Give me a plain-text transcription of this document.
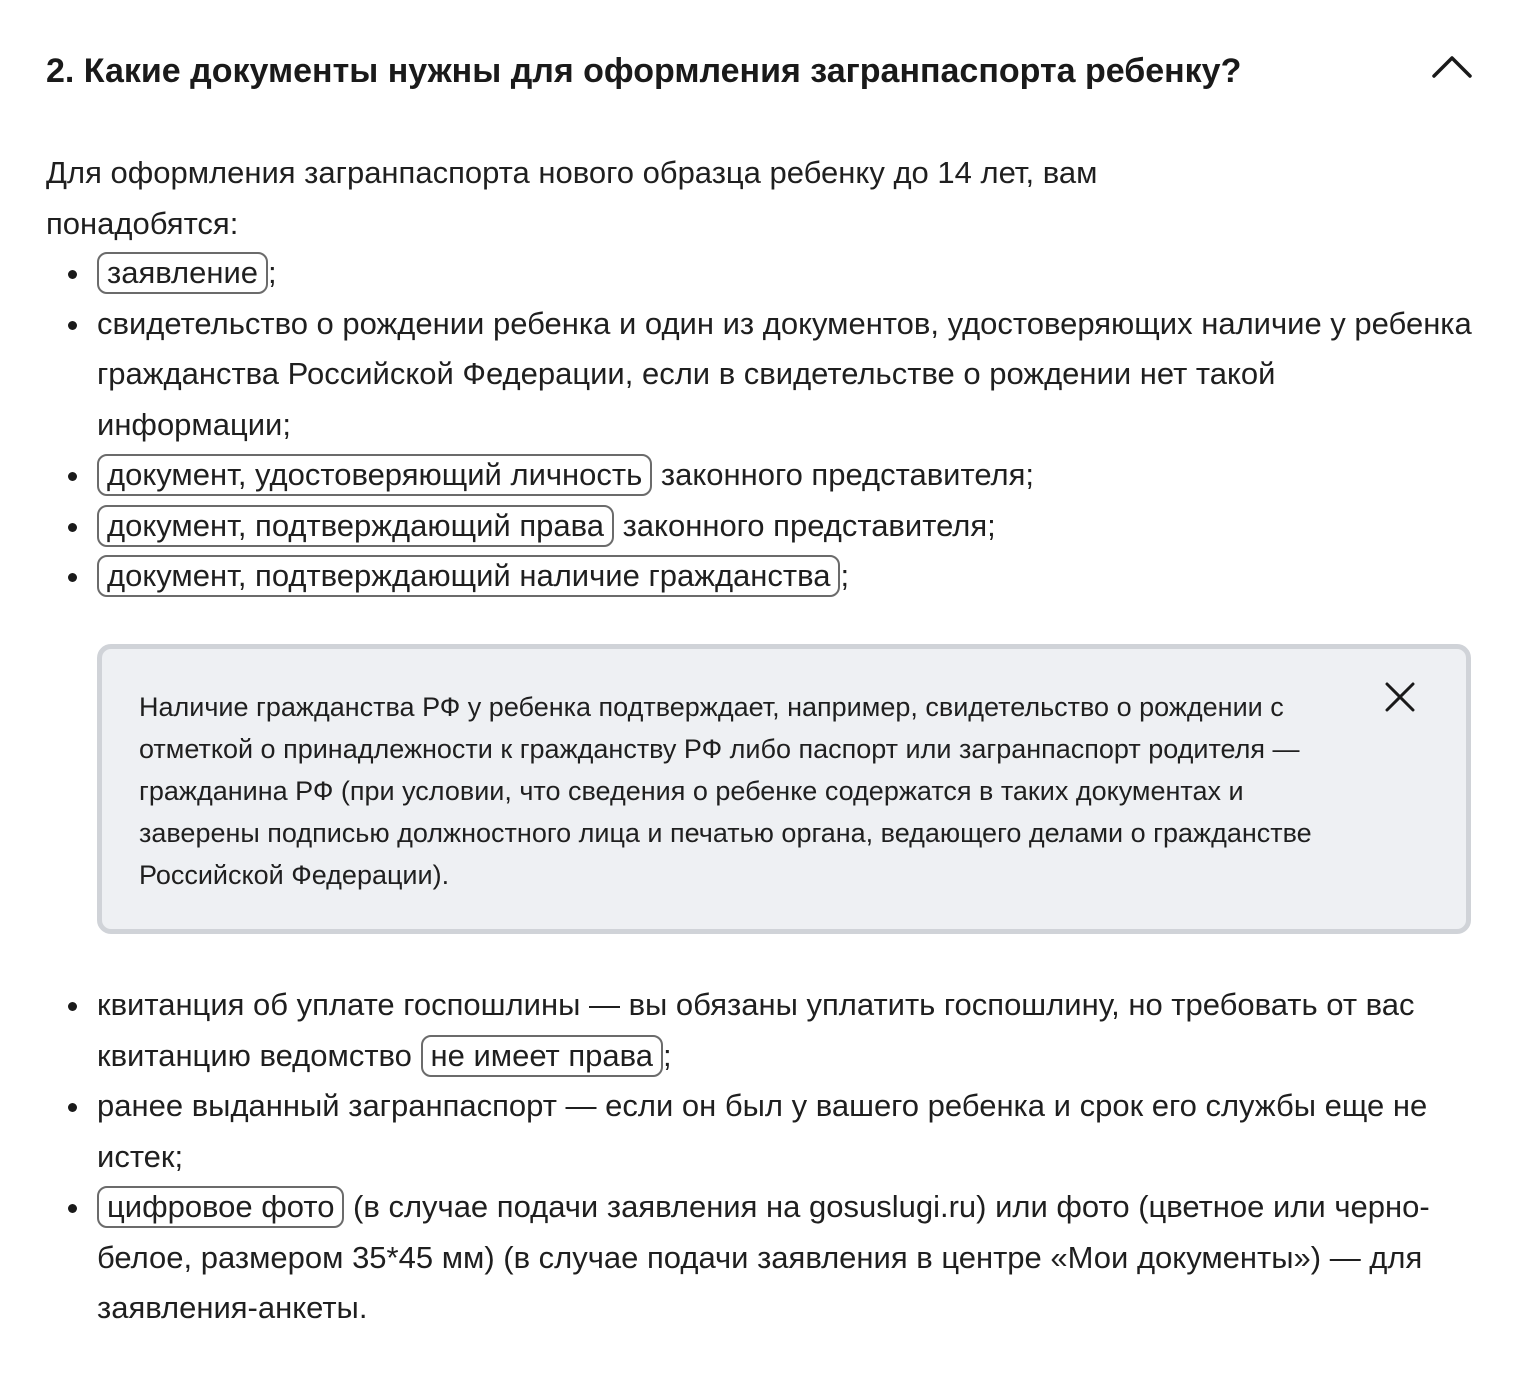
2. Какие документы нужны для оформления загранпаспорта ребенку?
Для оформления загранпаспорта нового образца ребенку до 14 лет, вам
понадобятся:
заявление ;
свидетельство о рождении ребенка и один из документов, удостоверяющих наличие у ребенка гражданства Российской Федерации, если в свидетельстве о рождении нет такой информации;
документ, удостоверяющий личность законного представителя;
документ, подтверждающий права законного представителя;
документ, подтверждающий наличие гражданства ;
Наличие гражданства РФ у ребенка подтверждает, например, свидетельство о рождении с отметкой о принадлежности к гражданству РФ либо паспорт или загранпаспорт родителя — гражданина РФ (при условии, что сведения о ребенке содержатся в таких документах и заверены подписью должностного лица и печатью органа, ведающего делами о гражданстве Российской Федерации).
квитанция об уплате госпошлины — вы обязаны уплатить госпошлину, но требовать от вас квитанцию ведомство не имеет права ;
ранее выданный загранпаспорт — если он был у вашего ребенка и срок его службы еще не истек;
цифровое фото (в случае подачи заявления на gosuslugi.ru) или фото (цветное или черно-белое, размером 35*45 мм) (в случае подачи заявления в центре «Мои документы») — для заявления-анкеты.
